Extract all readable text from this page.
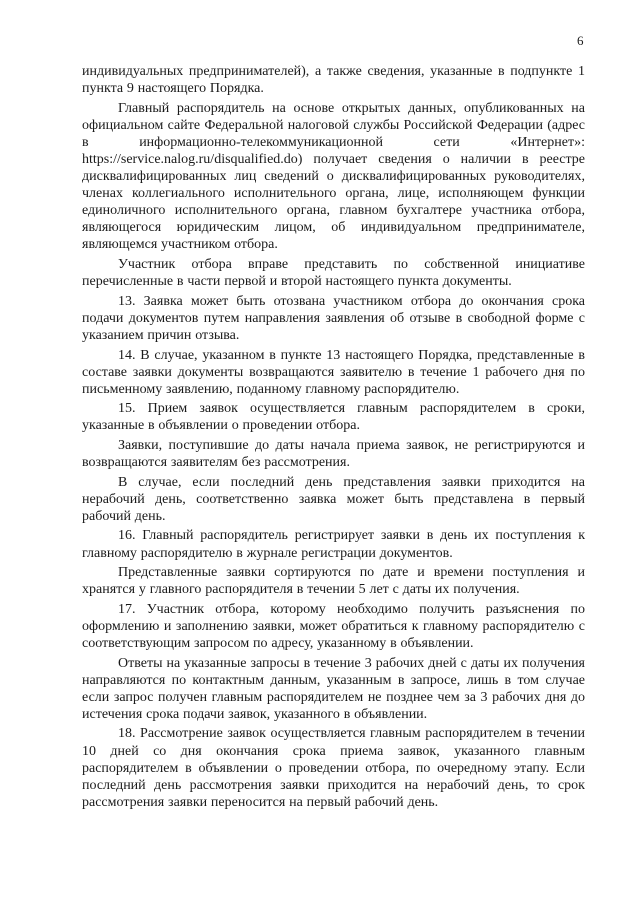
6

индивидуальных предпринимателей), а также сведения, указанные в подпункте 1 пункта 9 настоящего Порядка.

Главный распорядитель на основе открытых данных, опубликованных на официальном сайте Федеральной налоговой службы Российской Федерации (адрес в информационно-телекоммуникационной сети «Интернет»: https://service.nalog.ru/disqualified.do) получает сведения о наличии в реестре дисквалифицированных лиц сведений о дисквалифицированных руководителях, членах коллегиального исполнительного органа, лице, исполняющем функции единоличного исполнительного органа, главном бухгалтере участника отбора, являющегося юридическим лицом, об индивидуальном предпринимателе, являющемся участником отбора.

Участник отбора вправе представить по собственной инициативе перечисленные в части первой и второй настоящего пункта документы.

13. Заявка может быть отозвана участником отбора до окончания срока подачи документов путем направления заявления об отзыве в свободной форме с указанием причин отзыва.

14. В случае, указанном в пункте 13 настоящего Порядка, представленные в составе заявки документы возвращаются заявителю в течение 1 рабочего дня по письменному заявлению, поданному главному распорядителю.

15. Прием заявок осуществляется главным распорядителем в сроки, указанные в объявлении о проведении отбора.

Заявки, поступившие до даты начала приема заявок, не регистрируются и возвращаются заявителям без рассмотрения.

В случае, если последний день представления заявки приходится на нерабочий день, соответственно заявка может быть представлена в первый рабочий день.

16. Главный распорядитель регистрирует заявки в день их поступления к главному распорядителю в журнале регистрации документов.

Представленные заявки сортируются по дате и времени поступления и хранятся у главного распорядителя в течении 5 лет с даты их получения.

17. Участник отбора, которому необходимо получить разъяснения по оформлению и заполнению заявки, может обратиться к главному распорядителю с соответствующим запросом по адресу, указанному в объявлении.

Ответы на указанные запросы в течение 3 рабочих дней с даты их получения направляются по контактным данным, указанным в запросе, лишь в том случае если запрос получен главным распорядителем не позднее чем за 3 рабочих дня до истечения срока подачи заявок, указанного в объявлении.

18. Рассмотрение заявок осуществляется главным распорядителем в течении 10 дней со дня окончания срока приема заявок, указанного главным распорядителем в объявлении о проведении отбора, по очередному этапу. Если последний день рассмотрения заявки приходится на нерабочий день, то срок рассмотрения заявки переносится на первый рабочий день.
